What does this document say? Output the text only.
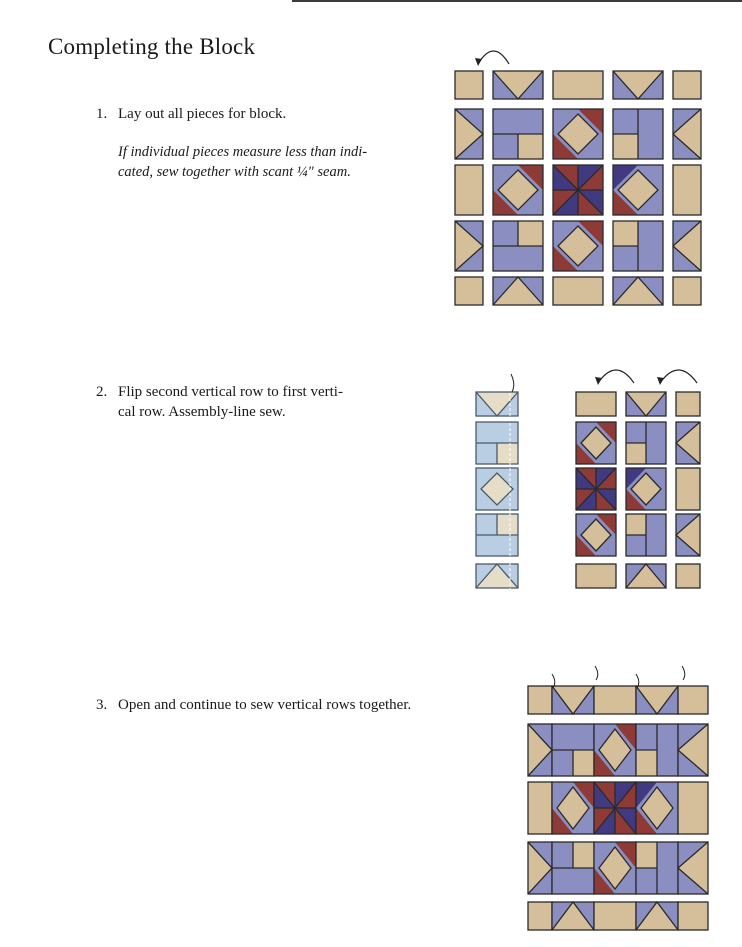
Completing the Block
1. Lay out all pieces for block.
If individual pieces measure less than indi-
cated, sew together with scant ¼" seam.
2. Flip second vertical row to first verti-
cal row. Assembly-line sew.
3. Open and continue to sew vertical rows together.
